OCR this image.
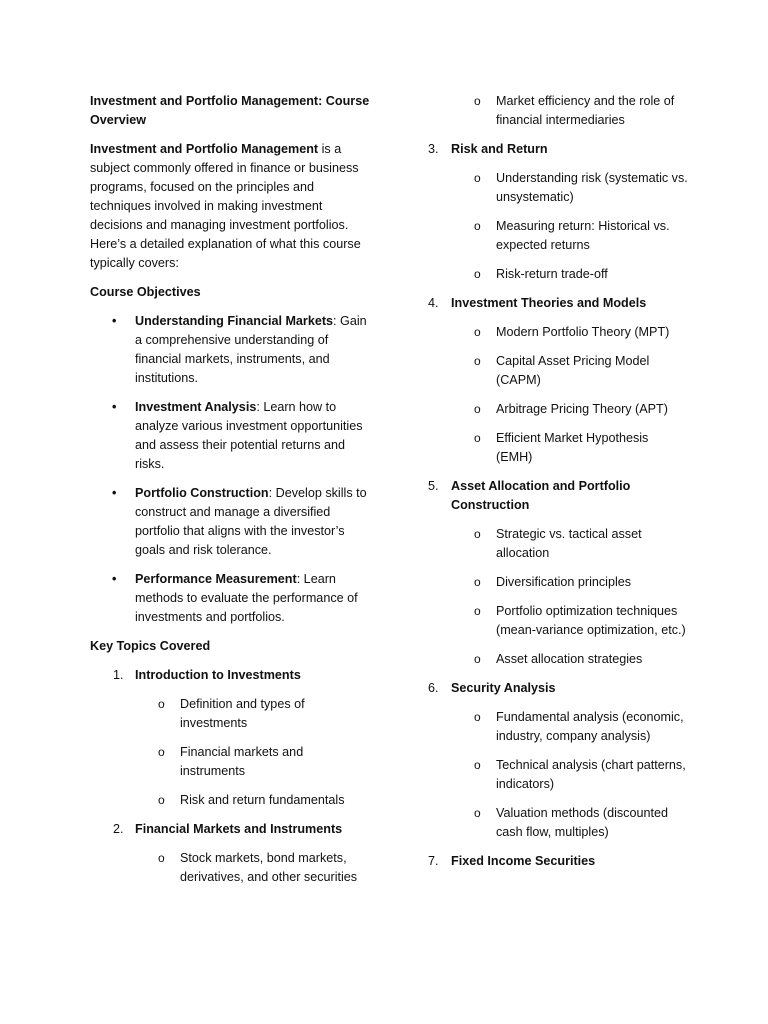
Investment and Portfolio Management: Course Overview

Investment and Portfolio Management is a subject commonly offered in finance or business programs, focused on the principles and techniques involved in making investment decisions and managing investment portfolios. Here’s a detailed explanation of what this course typically covers:

Course Objectives

• Understanding Financial Markets: Gain a comprehensive understanding of financial markets, instruments, and institutions.
• Investment Analysis: Learn how to analyze various investment opportunities and assess their potential returns and risks.
• Portfolio Construction: Develop skills to construct and manage a diversified portfolio that aligns with the investor’s goals and risk tolerance.
• Performance Measurement: Learn methods to evaluate the performance of investments and portfolios.

Key Topics Covered

1. Introduction to Investments

o Definition and types of investments
o Financial markets and instruments
o Risk and return fundamentals

2. Financial Markets and Instruments

o Stock markets, bond markets, derivatives, and other securities
o Market efficiency and the role of financial intermediaries

3. Risk and Return

o Understanding risk (systematic vs. unsystematic)
o Measuring return: Historical vs. expected returns
o Risk-return trade-off

4. Investment Theories and Models

o Modern Portfolio Theory (MPT)
o Capital Asset Pricing Model (CAPM)
o Arbitrage Pricing Theory (APT)
o Efficient Market Hypothesis (EMH)

5. Asset Allocation and Portfolio Construction

o Strategic vs. tactical asset allocation
o Diversification principles
o Portfolio optimization techniques (mean-variance optimization, etc.)
o Asset allocation strategies

6. Security Analysis

o Fundamental analysis (economic, industry, company analysis)
o Technical analysis (chart patterns, indicators)
o Valuation methods (discounted cash flow, multiples)

7. Fixed Income Securities
